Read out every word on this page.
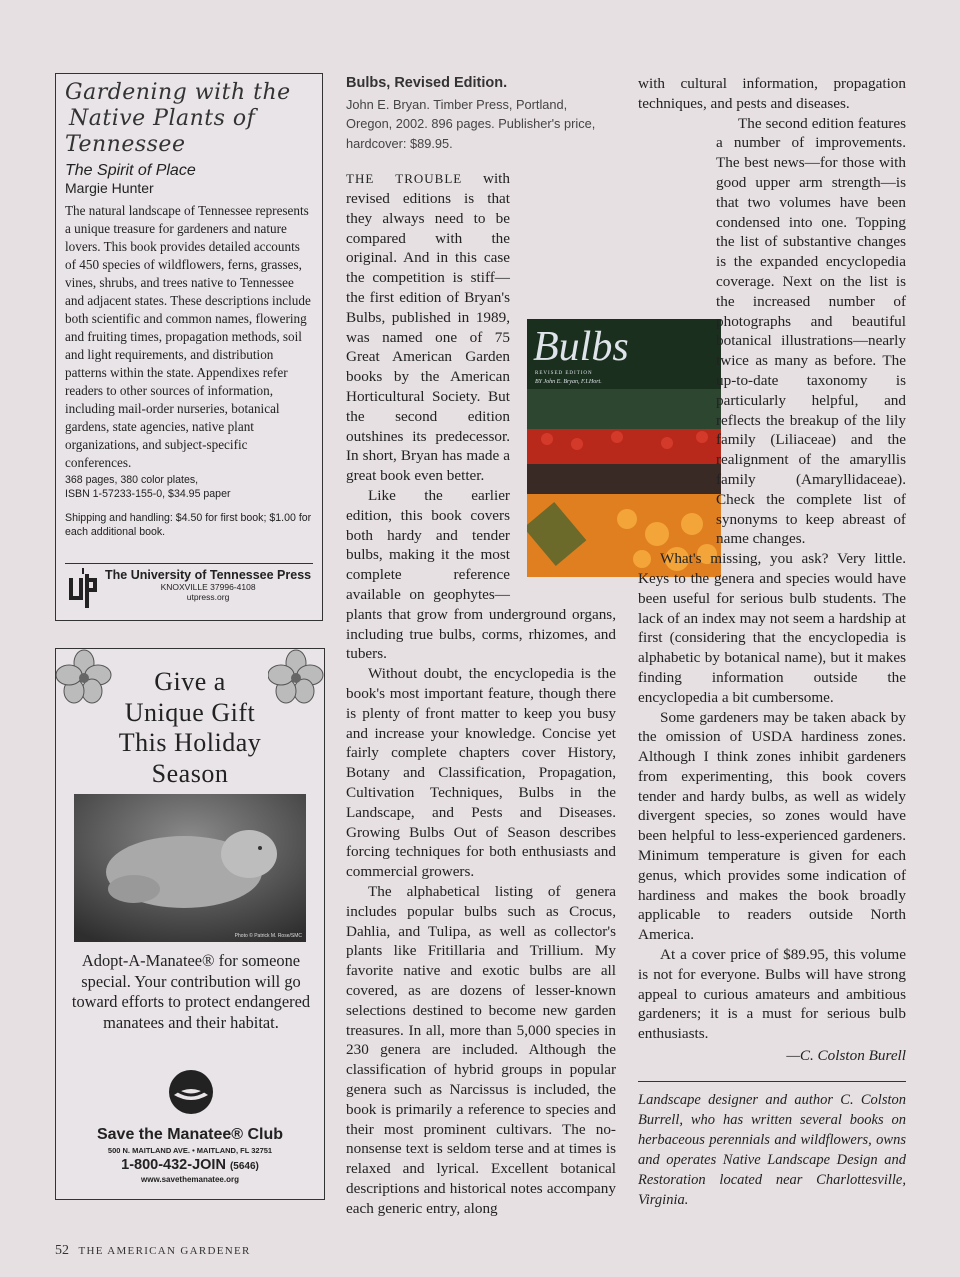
Gardening with the
Native Plants of
Tennessee
The Spirit of Place
Margie Hunter
The natural landscape of Tennessee represents a unique treasure for gardeners and nature lovers. This book provides detailed accounts of 450 species of wildflowers, ferns, grasses, vines, shrubs, and trees native to Tennessee and adjacent states. These descriptions include both scientific and common names, flowering and fruiting times, propagation methods, soil and light requirements, and distribution patterns within the state. Appendixes refer readers to other sources of information, including mail-order nurseries, botanical gardens, state agencies, native plant organizations, and subject-specific conferences.
368 pages, 380 color plates,
ISBN 1-57233-155-0, $34.95 paper
Shipping and handling: $4.50 for first book; $1.00 for each additional book.
The University of Tennessee Press
KNOXVILLE 37996-4108
utpress.org
Give a
Unique Gift
This Holiday
Season
Photo © Patrick M. Rose/SMC
Adopt-A-Manatee® for someone special. Your contribution will go toward efforts to protect endangered manatees and their habitat.
Save the Manatee® Club
500 N. MAITLAND AVE. • MAITLAND, FL 32751
1-800-432-JOIN (5646)
www.savethemanatee.org
Bulbs, Revised Edition.
John E. Bryan. Timber Press, Portland, Oregon, 2002. 896 pages. Publisher's price, hardcover: $89.95.

THE TROUBLE with revised editions is that they always need to be compared with the original. And in this case the competition is stiff—the first edition of Bryan's Bulbs, published in 1989, was named one of 75 Great American Garden books by the American Horticultural Society. But the second edition outshines its predecessor. In short, Bryan has made a great book even better.

Like the earlier edition, this book covers both hardy and tender bulbs, making it the most complete reference available on geophytes—plants that grow from underground organs, including true bulbs, corms, rhizomes, and tubers.

Without doubt, the encyclopedia is the book's most important feature, though there is plenty of front matter to keep you busy and increase your knowledge. Concise yet fairly complete chapters cover History, Botany and Classification, Propagation, Cultivation Techniques, Bulbs in the Landscape, and Pests and Diseases. Growing Bulbs Out of Season describes forcing techniques for both enthusiasts and commercial growers.

The alphabetical listing of genera includes popular bulbs such as Crocus, Dahlia, and Tulipa, as well as collector's plants like Fritillaria and Trillium. My favorite native and exotic bulbs are all covered, as are dozens of lesser-known selections destined to become new garden treasures. In all, more than 5,000 species in 230 genera are included. Although the classification of hybrid groups in popular genera such as Narcissus is included, the book is primarily a reference to species and their most prominent cultivars. The no-nonsense text is seldom terse and at times is relaxed and lyrical. Excellent botanical descriptions and historical notes accompany each generic entry, along

Bulbs
REVISED EDITION
BY John E. Bryan, F.I.Hort.

with cultural information, propagation techniques, and pests and diseases.

The second edition features a number of improvements. The best news—for those with good upper arm strength—is that two volumes have been condensed into one. Topping the list of substantive changes is the expanded encyclopedia coverage. Next on the list is the increased number of photographs and beautiful botanical illustrations—nearly twice as many as before. The up-to-date taxonomy is particularly helpful, and reflects the breakup of the lily family (Liliaceae) and the realignment of the amaryllis family (Amaryllidaceae). Check the complete list of synonyms to keep abreast of name changes.

What's missing, you ask? Very little. Keys to the genera and species would have been useful for serious bulb students. The lack of an index may not seem a hardship at first (considering that the encyclopedia is alphabetic by botanical name), but it makes finding information outside the encyclopedia a bit cumbersome.

Some gardeners may be taken aback by the omission of USDA hardiness zones. Although I think zones inhibit gardeners from experimenting, this book covers tender and hardy bulbs, as well as widely divergent species, so zones would have been helpful to less-experienced gardeners. Minimum temperature is given for each genus, which provides some indication of hardiness and makes the book broadly applicable to readers outside North America.

At a cover price of $89.95, this volume is not for everyone. Bulbs will have strong appeal to curious amateurs and ambitious gardeners; it is a must for serious bulb enthusiasts.

—C. Colston Burell
Landscape designer and author C. Colston Burrell, who has written several books on herbaceous perennials and wildflowers, owns and operates Native Landscape Design and Restoration located near Charlottesville, Virginia.
52 THE AMERICAN GARDENER
